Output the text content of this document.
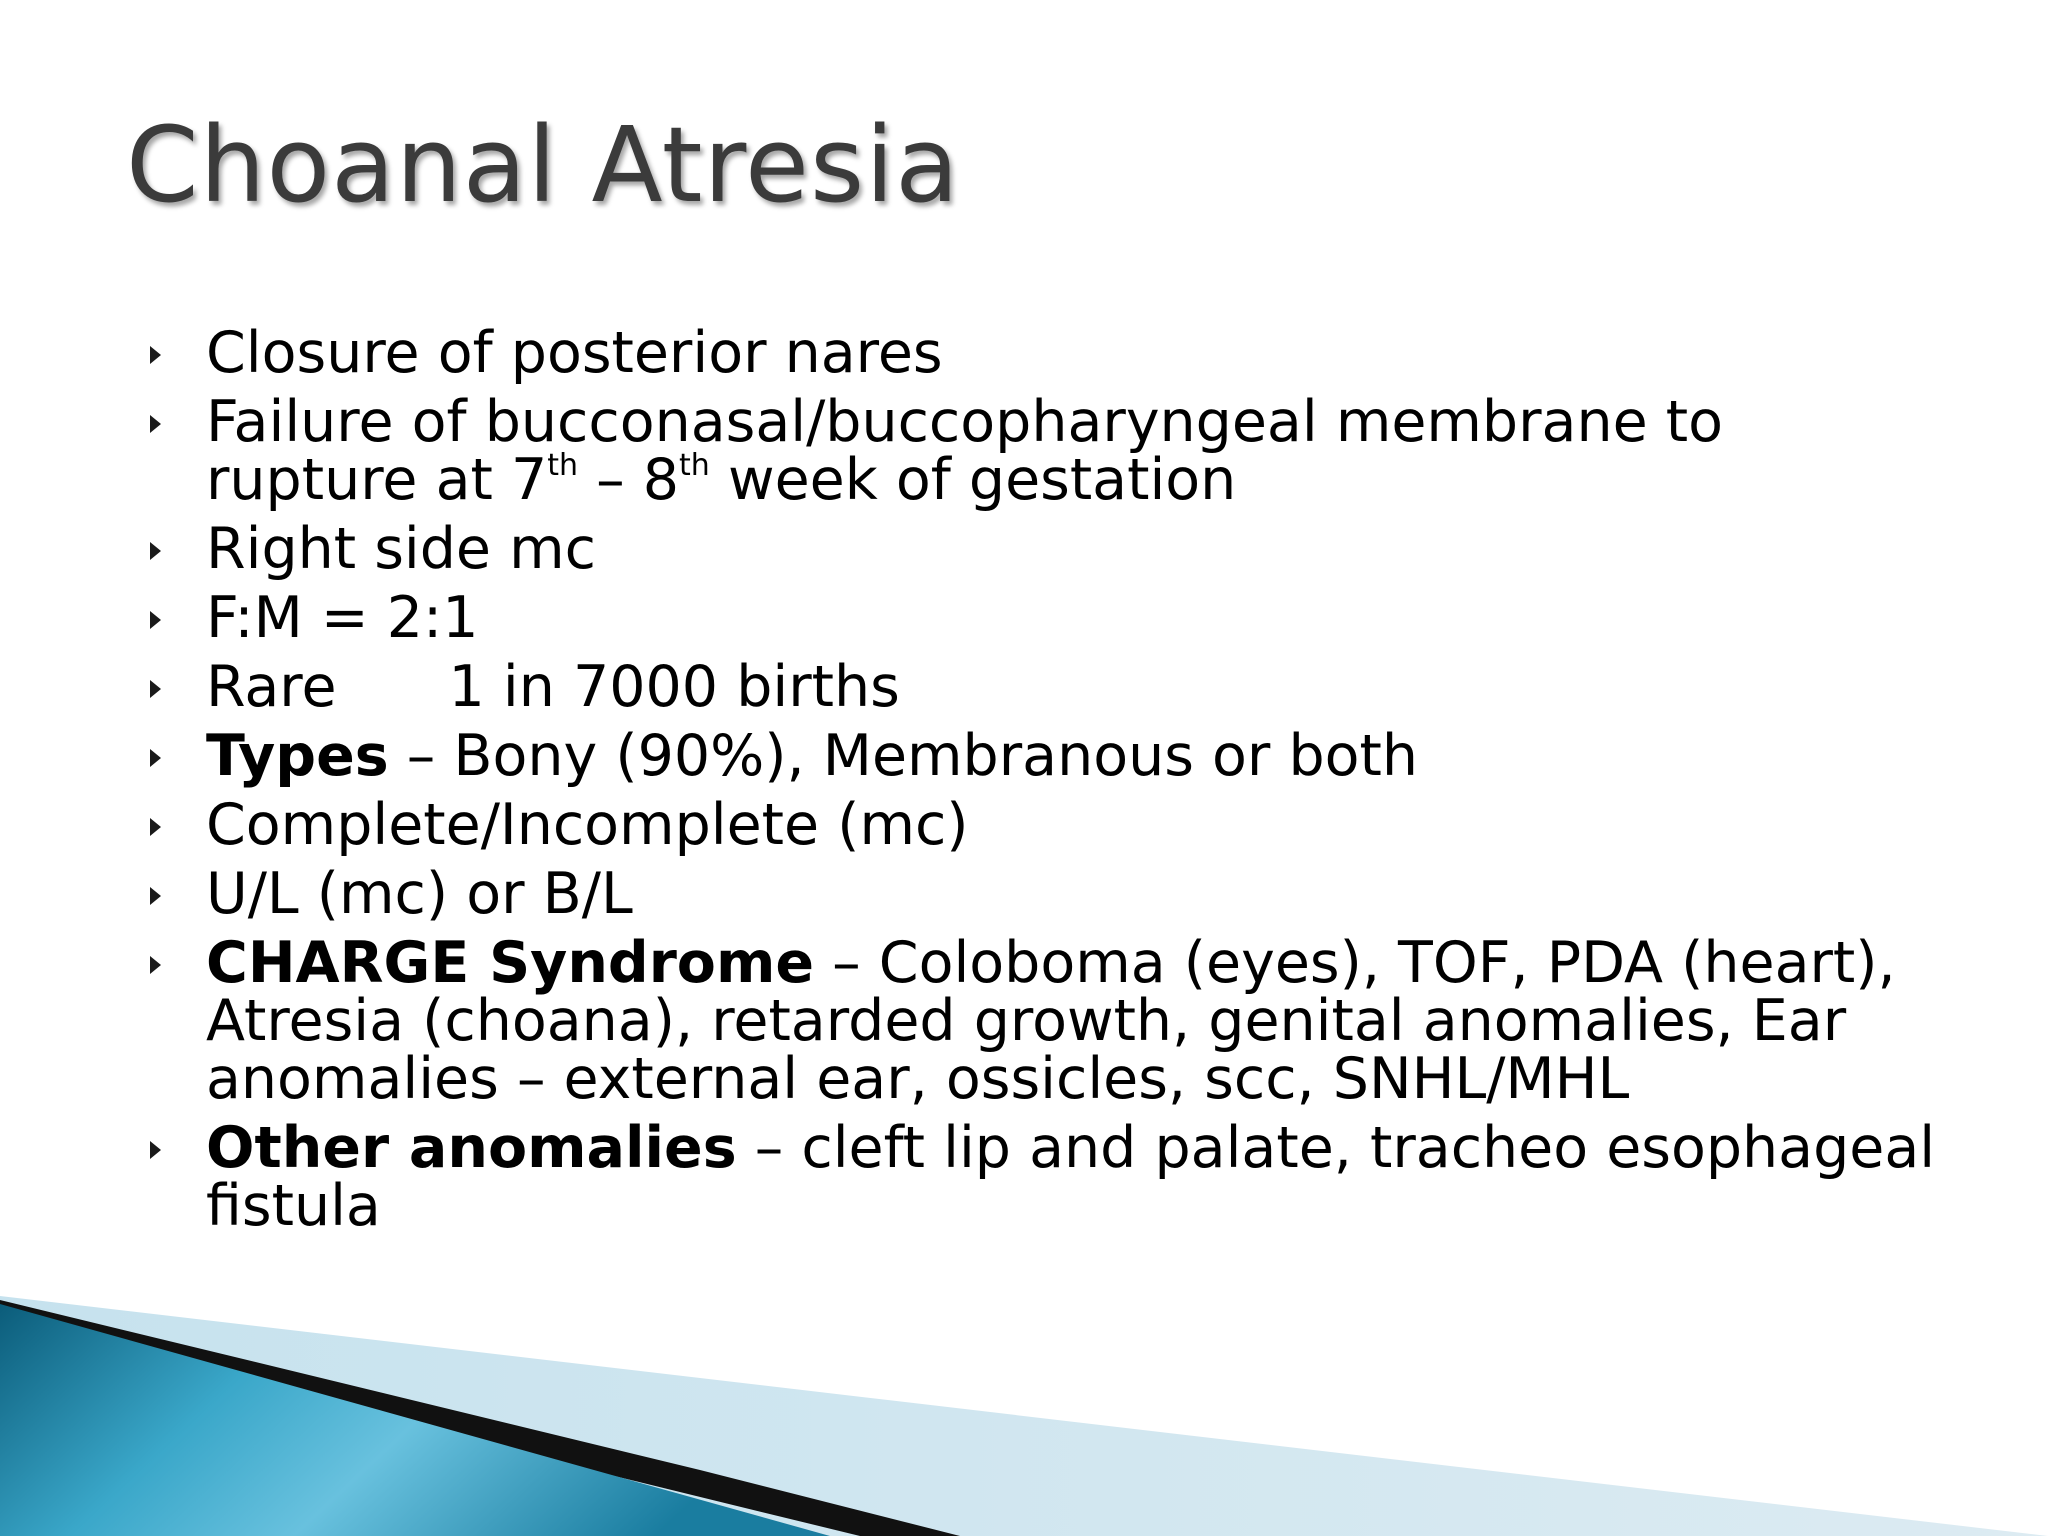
Choanal Atresia
Closure of posterior nares
Failure of bucconasal/buccopharyngeal membrane to
rupture at 7th – 8th week of gestation
Right side mc
F:M = 2:1
Rare 1 in 7000 births
Types – Bony (90%), Membranous or both
Complete/Incomplete (mc)
U/L (mc) or B/L
CHARGE Syndrome – Coloboma (eyes), TOF, PDA (heart),
Atresia (choana), retarded growth, genital anomalies, Ear
anomalies – external ear, ossicles, scc, SNHL/MHL
Other anomalies – cleft lip and palate, tracheo esophageal
fistula
